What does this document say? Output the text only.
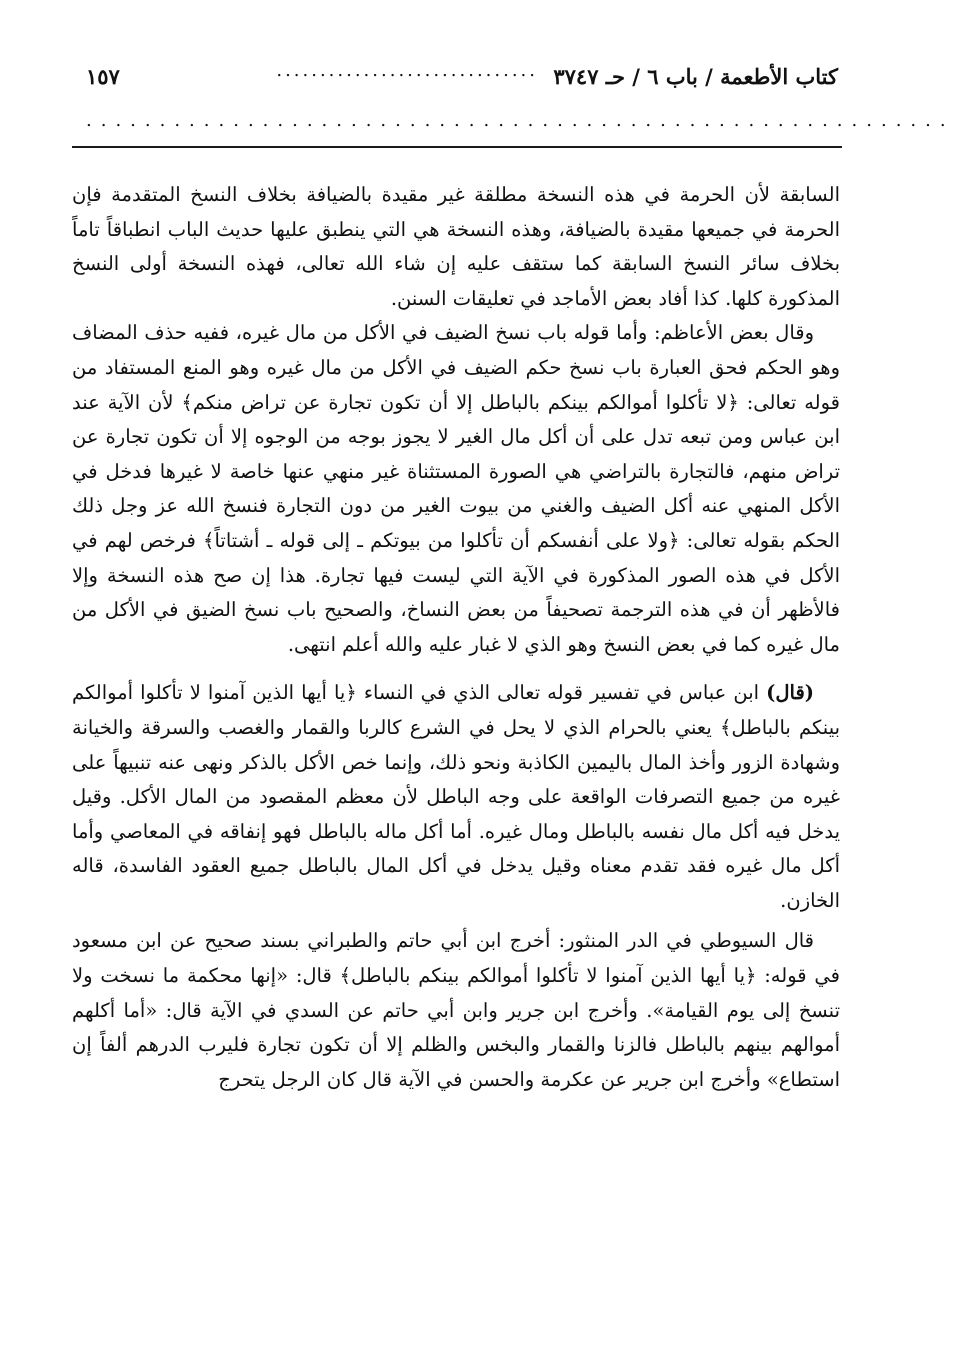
كتاب الأطعمة / باب ٦ / حـ ٣٧٤٧
..............................
١٥٧
...........................................................

السابقة لأن الحرمة في هذه النسخة مطلقة غير مقيدة بالضيافة بخلاف النسخ المتقدمة فإن الحرمة في جميعها مقيدة بالضيافة، وهذه النسخة هي التي ينطبق عليها حديث الباب انطباقاً تاماً بخلاف سائر النسخ السابقة كما ستقف عليه إن شاء الله تعالى، فهذه النسخة أولى النسخ المذكورة كلها. كذا أفاد بعض الأماجد في تعليقات السنن.

وقال بعض الأعاظم: وأما قوله باب نسخ الضيف في الأكل من مال غيره، ففيه حذف المضاف وهو الحكم فحق العبارة باب نسخ حكم الضيف في الأكل من مال غيره وهو المنع المستفاد من قوله تعالى: ﴿لا تأكلوا أموالكم بينكم بالباطل إلا أن تكون تجارة عن تراض منكم﴾ لأن الآية عند ابن عباس ومن تبعه تدل على أن أكل مال الغير لا يجوز بوجه من الوجوه إلا أن تكون تجارة عن تراض منهم، فالتجارة بالتراضي هي الصورة المستثناة غير منهي عنها خاصة لا غيرها فدخل في الأكل المنهي عنه أكل الضيف والغني من بيوت الغير من دون التجارة فنسخ الله عز وجل ذلك الحكم بقوله تعالى: ﴿ولا على أنفسكم أن تأكلوا من بيوتكم ـ إلى قوله ـ أشتاتاً﴾ فرخص لهم في الأكل في هذه الصور المذكورة في الآية التي ليست فيها تجارة. هذا إن صح هذه النسخة وإلا فالأظهر أن في هذه الترجمة تصحيفاً من بعض النساخ، والصحيح باب نسخ الضيق في الأكل من مال غيره كما في بعض النسخ وهو الذي لا غبار عليه والله أعلم انتهى.

(قال) ابن عباس في تفسير قوله تعالى الذي في النساء ﴿يا أيها الذين آمنوا لا تأكلوا أموالكم بينكم بالباطل﴾ يعني بالحرام الذي لا يحل في الشرع كالربا والقمار والغصب والسرقة والخيانة وشهادة الزور وأخذ المال باليمين الكاذبة ونحو ذلك، وإنما خص الأكل بالذكر ونهى عنه تنبيهاً على غيره من جميع التصرفات الواقعة على وجه الباطل لأن معظم المقصود من المال الأكل. وقيل يدخل فيه أكل مال نفسه بالباطل ومال غيره. أما أكل ماله بالباطل فهو إنفاقه في المعاصي وأما أكل مال غيره فقد تقدم معناه وقيل يدخل في أكل المال بالباطل جميع العقود الفاسدة، قاله الخازن.

قال السيوطي في الدر المنثور: أخرج ابن أبي حاتم والطبراني بسند صحيح عن ابن مسعود في قوله: ﴿يا أيها الذين آمنوا لا تأكلوا أموالكم بينكم بالباطل﴾ قال: «إنها محكمة ما نسخت ولا تنسخ إلى يوم القيامة». وأخرج ابن جرير وابن أبي حاتم عن السدي في الآية قال: «أما أكلهم أموالهم بينهم بالباطل فالزنا والقمار والبخس والظلم إلا أن تكون تجارة فليرب الدرهم ألفاً إن استطاع» وأخرج ابن جرير عن عكرمة والحسن في الآية قال كان الرجل يتحرج
